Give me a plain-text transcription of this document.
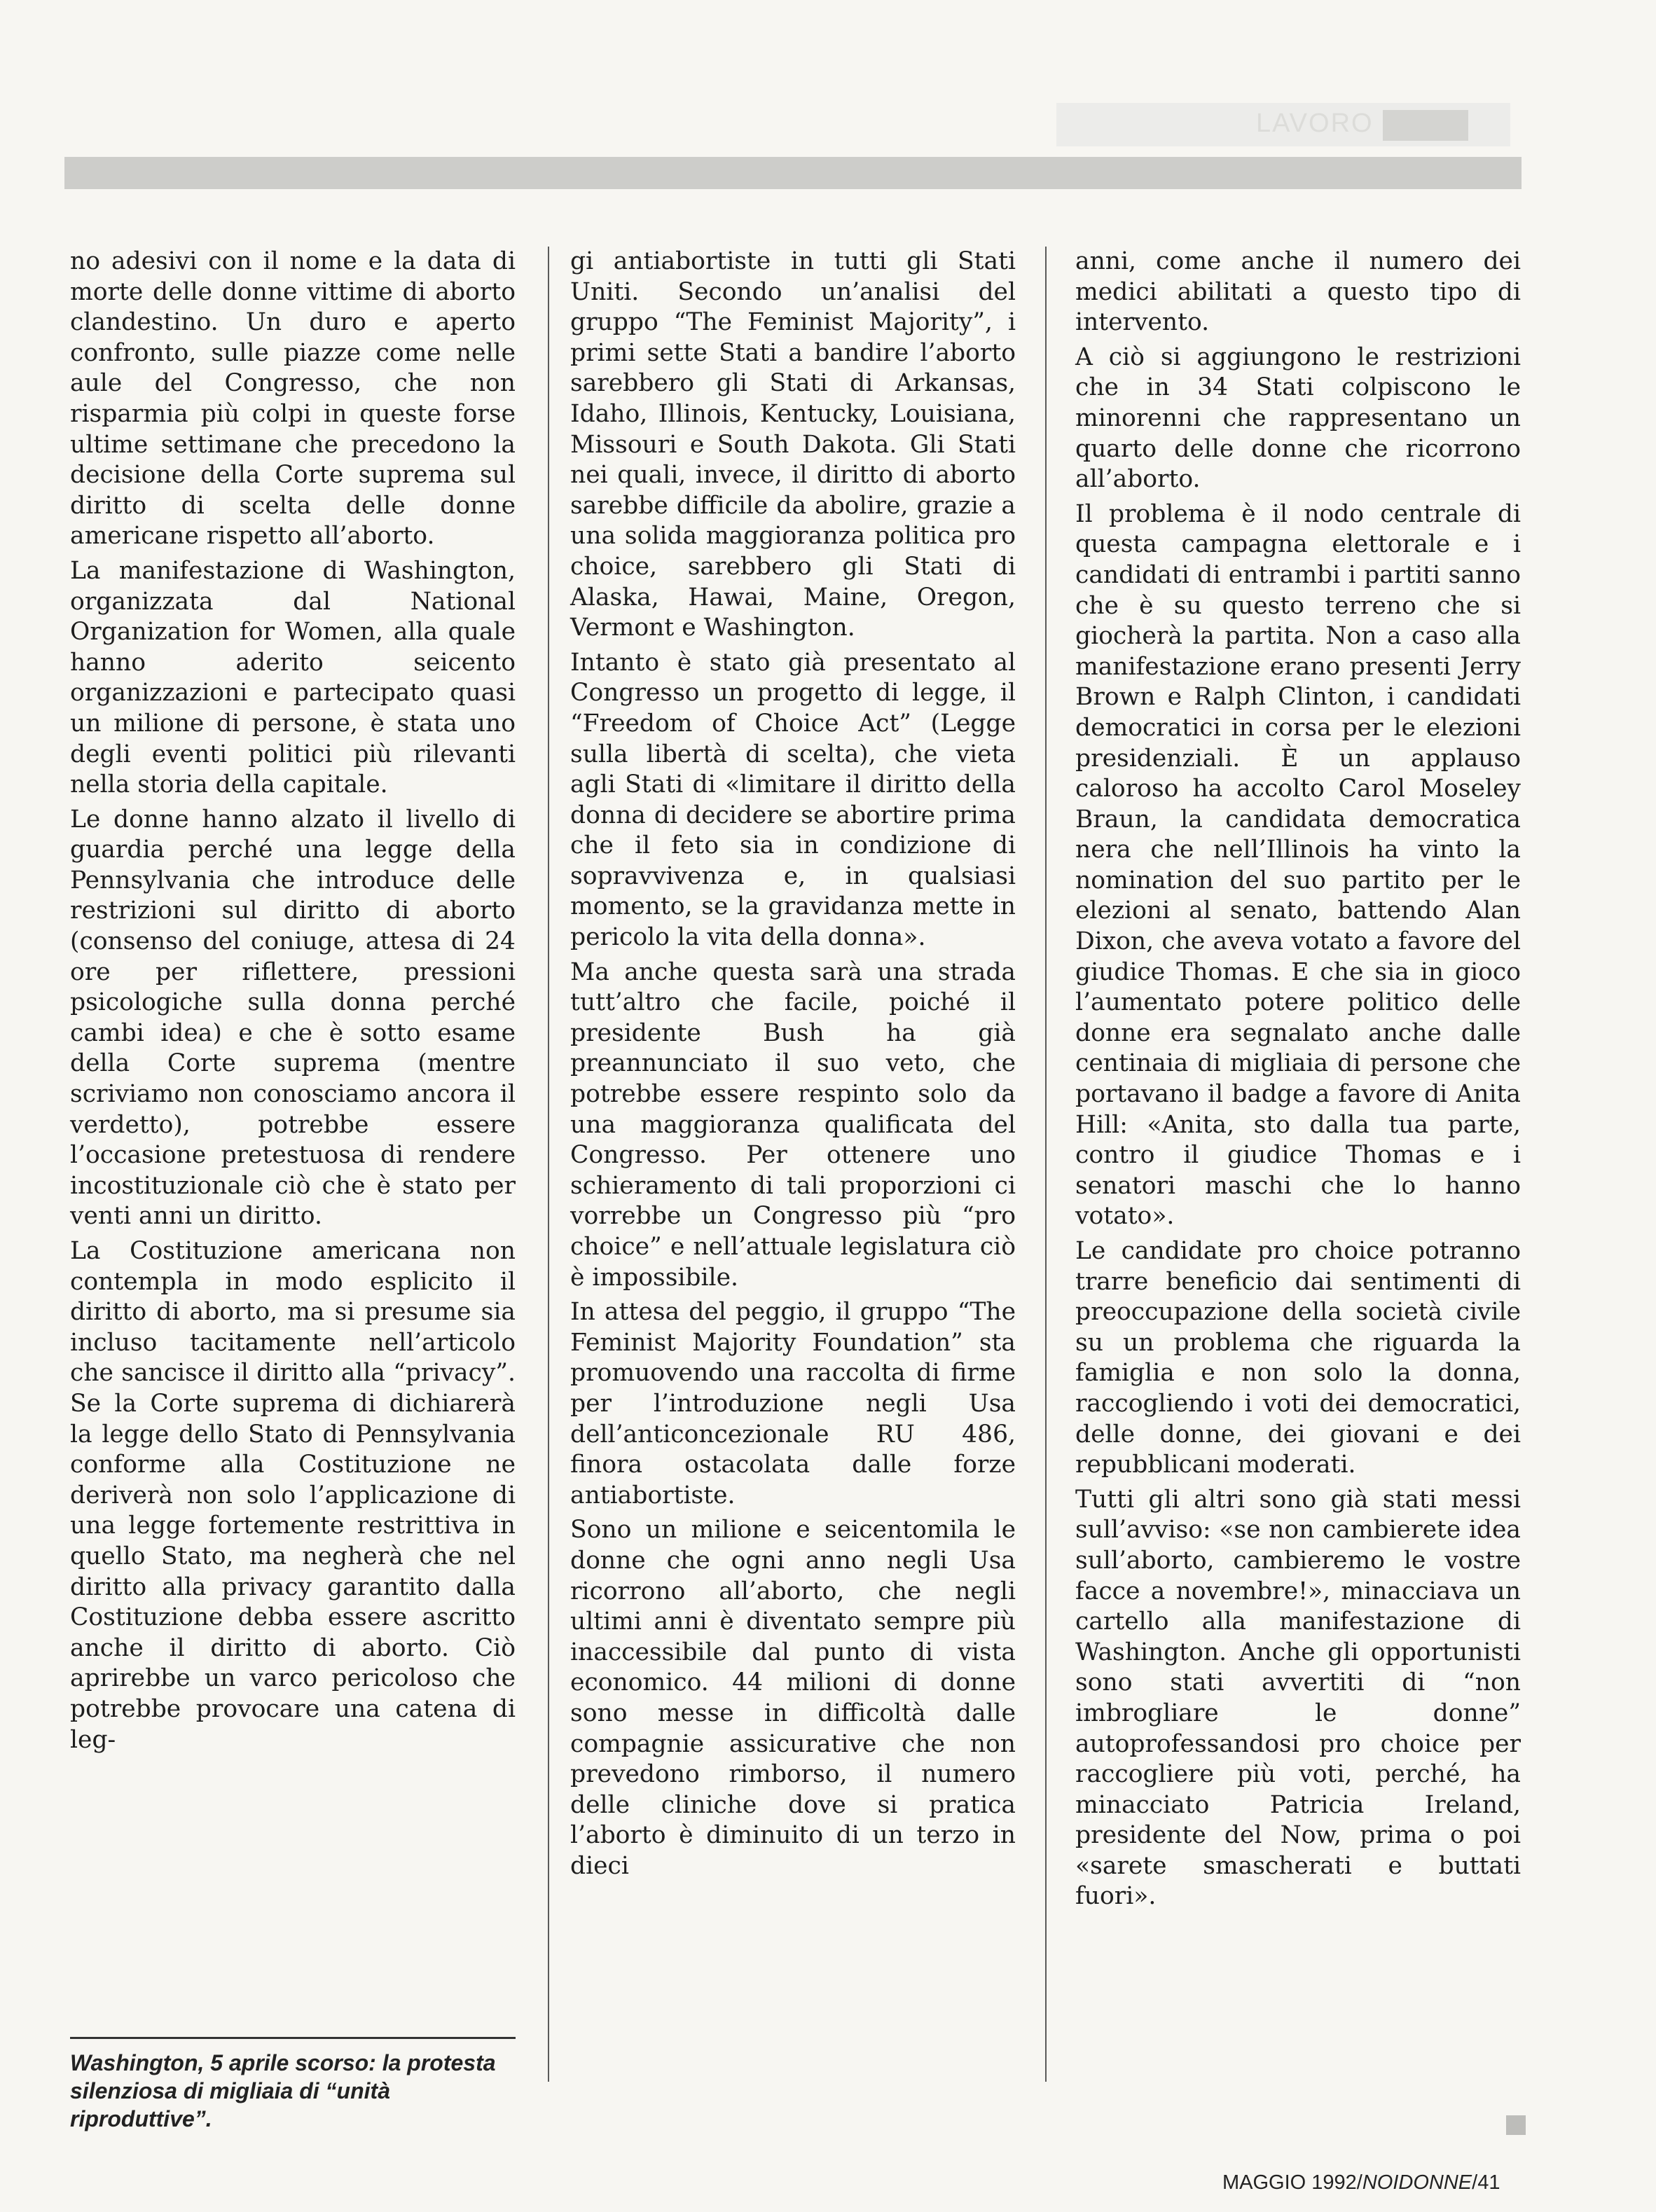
LAVORO

no adesivi con il nome e la data di morte delle donne vittime di aborto clandestino. Un duro e aperto confronto, sulle piazze come nelle aule del Congresso, che non risparmia più colpi in queste forse ultime settimane che precedono la decisione della Corte suprema sul diritto di scelta delle donne americane rispetto all’aborto.

La manifestazione di Washington, organizzata dal National Organization for Women, alla quale hanno aderito seicento organizzazioni e partecipato quasi un milione di persone, è stata uno degli eventi politici più rilevanti nella storia della capitale.

Le donne hanno alzato il livello di guardia perché una legge della Pennsylvania che introduce delle restrizioni sul diritto di aborto (consenso del coniuge, attesa di 24 ore per riflettere, pressioni psicologiche sulla donna perché cambi idea) e che è sotto esame della Corte suprema (mentre scriviamo non conosciamo ancora il verdetto), potrebbe essere l’occasione pretestuosa di rendere incostituzionale ciò che è stato per venti anni un diritto.

La Costituzione americana non contempla in modo esplicito il diritto di aborto, ma si presume sia incluso tacitamente nell’articolo che sancisce il diritto alla “privacy”. Se la Corte suprema di dichiarerà la legge dello Stato di Pennsylvania conforme alla Costituzione ne deriverà non solo l’applicazione di una legge fortemente restrittiva in quello Stato, ma negherà che nel diritto alla privacy garantito dalla Costituzione debba essere ascritto anche il diritto di aborto. Ciò aprirebbe un varco pericoloso che potrebbe provocare una catena di leg-

gi antiabortiste in tutti gli Stati Uniti. Secondo un’analisi del gruppo “The Feminist Majority”, i primi sette Stati a bandire l’aborto sarebbero gli Stati di Arkansas, Idaho, Illinois, Kentucky, Louisiana, Missouri e South Dakota. Gli Stati nei quali, invece, il diritto di aborto sarebbe difficile da abolire, grazie a una solida maggioranza politica pro choice, sarebbero gli Stati di Alaska, Hawai, Maine, Oregon, Vermont e Washington.

Intanto è stato già presentato al Congresso un progetto di legge, il “Freedom of Choice Act” (Legge sulla libertà di scelta), che vieta agli Stati di «limitare il diritto della donna di decidere se abortire prima che il feto sia in condizione di sopravvivenza e, in qualsiasi momento, se la gravidanza mette in pericolo la vita della donna».

Ma anche questa sarà una strada tutt’altro che facile, poiché il presidente Bush ha già preannunciato il suo veto, che potrebbe essere respinto solo da una maggioranza qualificata del Congresso. Per ottenere uno schieramento di tali proporzioni ci vorrebbe un Congresso più “pro choice” e nell’attuale legislatura ciò è impossibile.

In attesa del peggio, il gruppo “The Feminist Majority Foundation” sta promuovendo una raccolta di firme per l’introduzione negli Usa dell’anticoncezionale RU 486, finora ostacolata dalle forze antiabortiste.

Sono un milione e seicentomila le donne che ogni anno negli Usa ricorrono all’aborto, che negli ultimi anni è diventato sempre più inaccessibile dal punto di vista economico. 44 milioni di donne sono messe in difficoltà dalle compagnie assicurative che non prevedono rimborso, il numero delle cliniche dove si pratica l’aborto è diminuito di un terzo in dieci

anni, come anche il numero dei medici abilitati a questo tipo di intervento.

A ciò si aggiungono le restrizioni che in 34 Stati colpiscono le minorenni che rappresentano un quarto delle donne che ricorrono all’aborto.

Il problema è il nodo centrale di questa campagna elettorale e i candidati di entrambi i partiti sanno che è su questo terreno che si giocherà la partita. Non a caso alla manifestazione erano presenti Jerry Brown e Ralph Clinton, i candidati democratici in corsa per le elezioni presidenziali. È un applauso caloroso ha accolto Carol Moseley Braun, la candidata democratica nera che nell’Illinois ha vinto la nomination del suo partito per le elezioni al senato, battendo Alan Dixon, che aveva votato a favore del giudice Thomas. E che sia in gioco l’aumentato potere politico delle donne era segnalato anche dalle centinaia di migliaia di persone che portavano il badge a favore di Anita Hill: «Anita, sto dalla tua parte, contro il giudice Thomas e i senatori maschi che lo hanno votato».

Le candidate pro choice potranno trarre beneficio dai sentimenti di preoccupazione della società civile su un problema che riguarda la famiglia e non solo la donna, raccogliendo i voti dei democratici, delle donne, dei giovani e dei repubblicani moderati.

Tutti gli altri sono già stati messi sull’avviso: «se non cambierete idea sull’aborto, cambieremo le vostre facce a novembre!», minacciava un cartello alla manifestazione di Washington. Anche gli opportunisti sono stati avvertiti di “non imbrogliare le donne” autoprofessandosi pro choice per raccogliere più voti, perché, ha minacciato Patricia Ireland, presidente del Now, prima o poi «sarete smascherati e buttati fuori».

Washington, 5 aprile scorso: la protesta silenziosa di migliaia di “unità riproduttive”.
MAGGIO 1992/NOIDONNE/41
